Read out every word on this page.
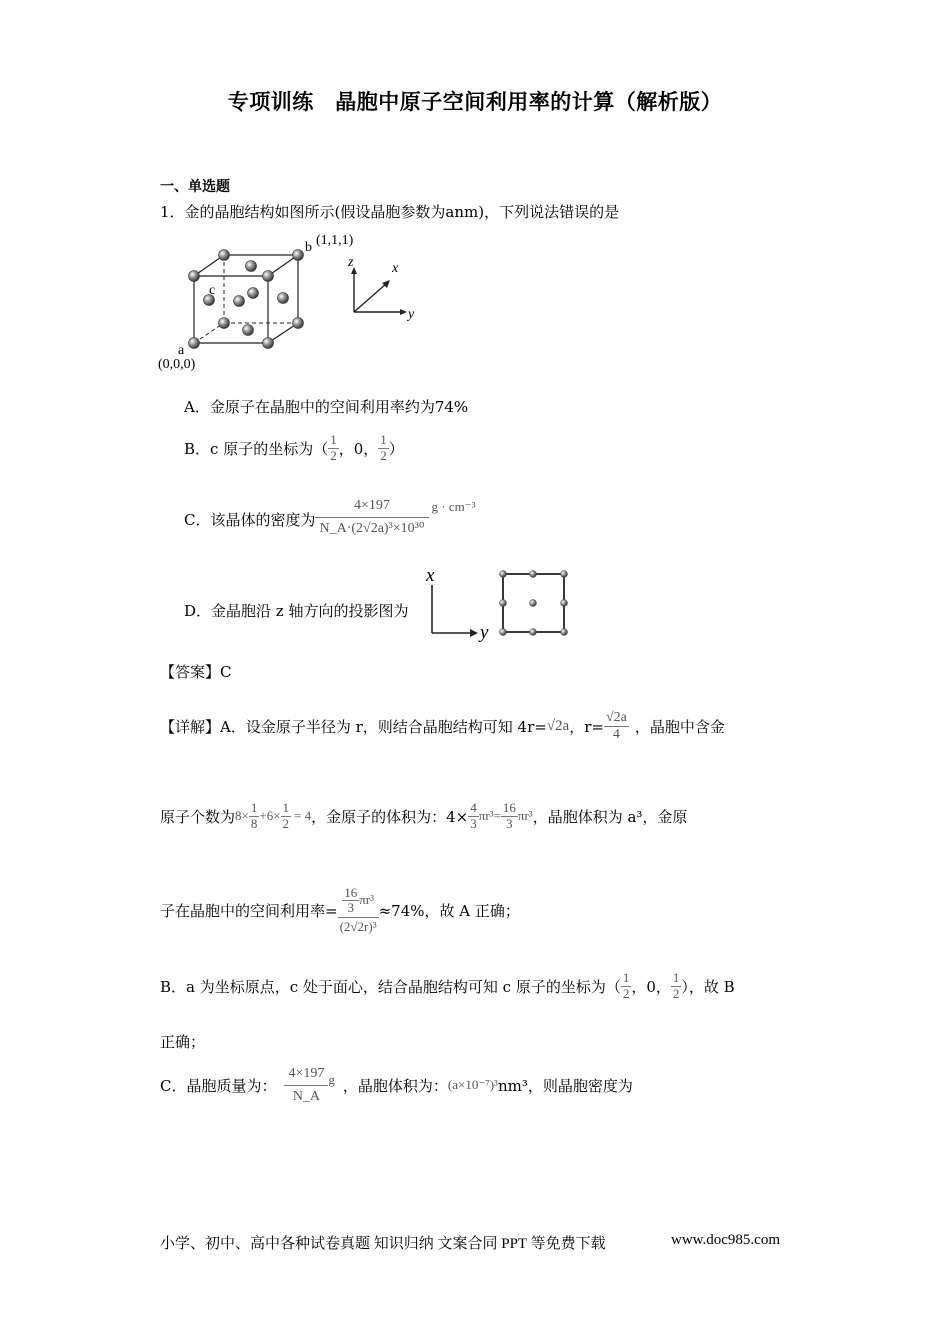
专项训练　晶胞中原子空间利用率的计算（解析版）
一、单选题
1．金的晶胞结构如图所示(假设晶胞参数为anm)，下列说法错误的是
b (1,1,1)
c
a
(0,0,0)
z	x
y
A．金原子在晶胞中的空间利用率约为74%
B．c 原子的坐标为（ $\frac{1}{2}$ ，0， $\frac{1}{2}$ ）
C．该晶体的密度为 $\frac{4\times 197}{\text{N\_A·(2√2a)³×10³⁰}}$ g · cm⁻³
D．金晶胞沿 z 轴方向的投影图为
x
y
【答案】C
【详解】A．设金原子半径为 r，则结合晶胞结构可知 4r= √2a ，$r= \frac{√2a}{4}$ ，晶胞中含金
原子个数为 $8\times \frac{1}{8} +6\times \frac{1}{2} = 4$ ，金原子的体积为：$4\times \frac{4}{3} \pi r^3 = \frac{16}{3} \pi r^3$ ，晶胞体积为 a³，金原
子在晶胞中的空间利用率= $\frac{\frac{16}{3} \pi r^3}{\text{(2√2r)³}} \approx 74\%$，故 A 正确；
B．a 为坐标原点，c 处于面心，结合晶胞结构可知 c 原子的坐标为（ $\frac{1}{2}$ ，0， $\frac{1}{2}$ ），故 B
正确；
C．晶胞质量为： $\frac{4\times 197}{N\_A}$ g ，晶胞体积为： (a×10⁻⁷)³ nm³，则晶胞密度为
小学、初中、高中各种试卷真题 知识归纳 文案合同 PPT 等免费下载	www.doc985.com
